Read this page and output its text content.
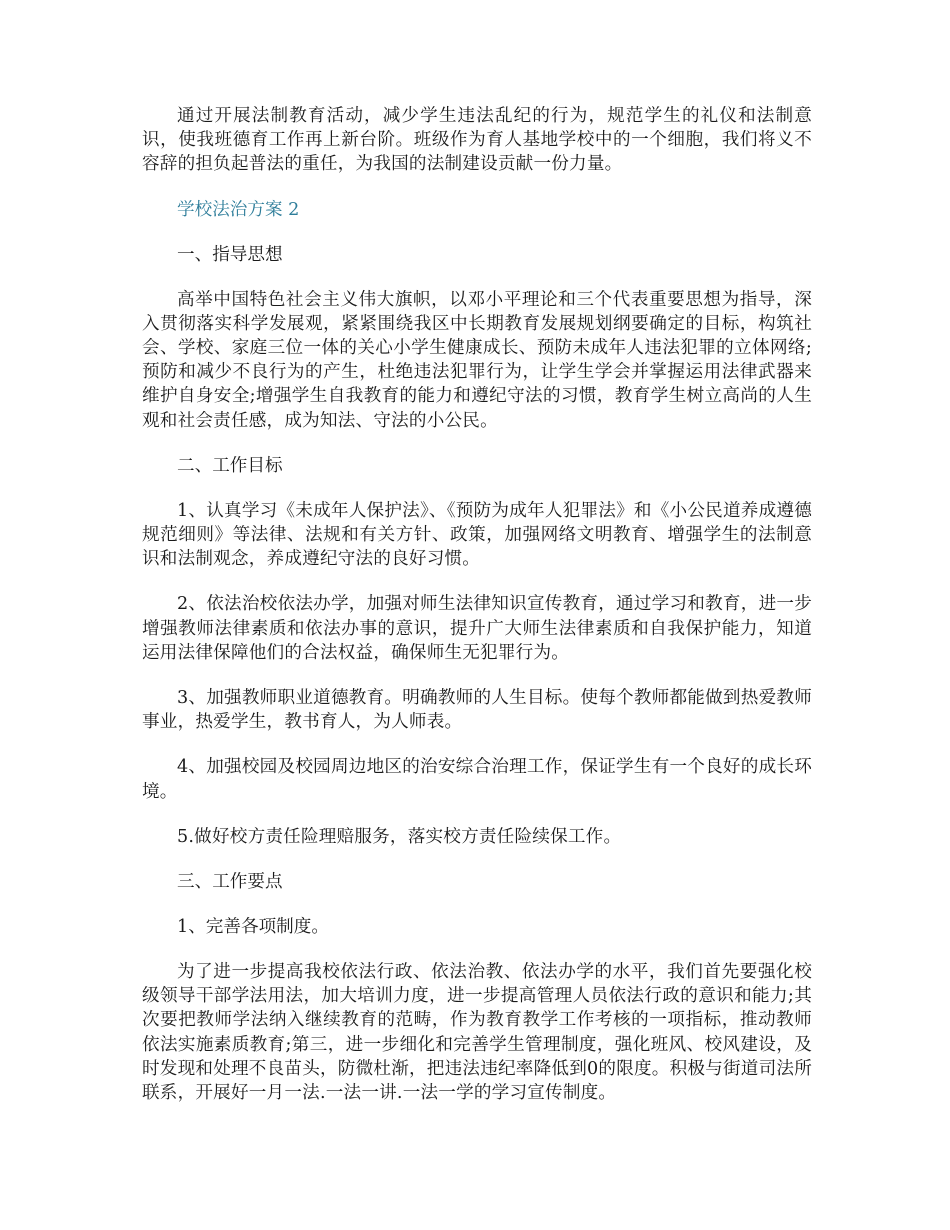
通过开展法制教育活动，减少学生违法乱纪的行为，规范学生的礼仪和法制意识，使我班德育工作再上新台阶。班级作为育人基地学校中的一个细胞，我们将义不容辞的担负起普法的重任，为我国的法制建设贡献一份力量。

学校法治方案 2

一、指导思想

高举中国特色社会主义伟大旗帜，以邓小平理论和三个代表重要思想为指导，深入贯彻落实科学发展观，紧紧围绕我区中长期教育发展规划纲要确定的目标，构筑社会、学校、家庭三位一体的关心小学生健康成长、预防未成年人违法犯罪的立体网络;预防和减少不良行为的产生，杜绝违法犯罪行为，让学生学会并掌握运用法律武器来维护自身安全;增强学生自我教育的能力和遵纪守法的习惯，教育学生树立高尚的人生观和社会责任感，成为知法、守法的小公民。

二、工作目标

1、认真学习《未成年人保护法》、《预防为成年人犯罪法》和《小公民道养成遵德规范细则》等法律、法规和有关方针、政策，加强网络文明教育、增强学生的法制意识和法制观念，养成遵纪守法的良好习惯。

2、依法治校依法办学，加强对师生法律知识宣传教育，通过学习和教育，进一步增强教师法律素质和依法办事的意识，提升广大师生法律素质和自我保护能力，知道运用法律保障他们的合法权益，确保师生无犯罪行为。

3、加强教师职业道德教育。明确教师的人生目标。使每个教师都能做到热爱教师事业，热爱学生，教书育人，为人师表。

4、加强校园及校园周边地区的治安综合治理工作，保证学生有一个良好的成长环境。

5.做好校方责任险理赔服务，落实校方责任险续保工作。

三、工作要点

1、完善各项制度。

为了进一步提高我校依法行政、依法治教、依法办学的水平，我们首先要强化校级领导干部学法用法，加大培训力度，进一步提高管理人员依法行政的意识和能力;其次要把教师学法纳入继续教育的范畴，作为教育教学工作考核的一项指标，推动教师依法实施素质教育;第三，进一步细化和完善学生管理制度，强化班风、校风建设，及时发现和处理不良苗头，防微杜渐，把违法违纪率降低到0的限度。积极与街道司法所联系，开展好一月一法.一法一讲.一法一学的学习宣传制度。
